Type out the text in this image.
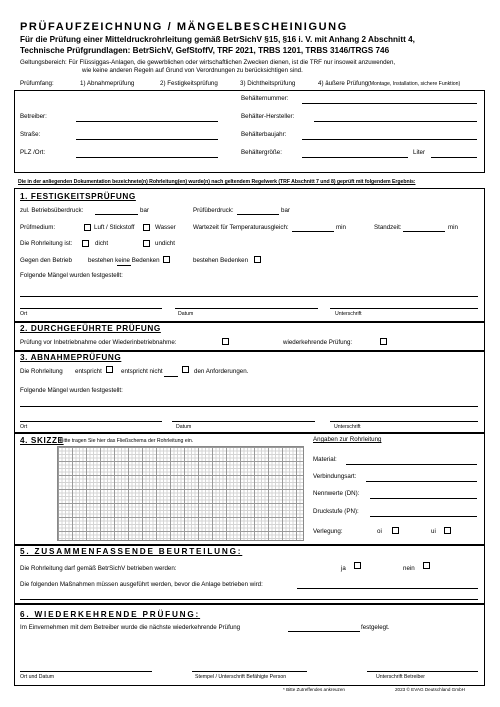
PRÜFAUFZEICHNUNG / MÄNGELBESCHEINIGUNG
Für die Prüfung einer Mitteldruckrohrleitung gemäß BetrSichV §15, §16 i. V. mit Anhang 2 Abschnitt 4,
Technische Prüfgrundlagen: BetrSichV, GefStoffV, TRF 2021, TRBS 1201, TRBS 3146/TRGS 746
Geltungsbereich: Für Flüssiggas-Anlagen, die gewerblichen oder wirtschaftlichen Zwecken dienen, ist die TRF nur insoweit anzuwenden,
wie keine anderen Regeln auf Grund von Verordnungen zu berücksichtigen sind.
Prüfumfang:	1) Abnahmeprüfung	2) Festigkeitsprüfung	3) Dichtheitsprüfung	4) äußere Prüfung (Montage, Installation, sichere Funktion)
Betreiber:
Straße:
PLZ /Ort:
Behälternummer:
Behälter-Hersteller:
Behälterbaujahr:
Behältergröße:	Liter
Die in der anliegenden Dokumentation bezeichnete(n) Rohrleitung(en) wurde(n) nach geltendem Regelwerk (TRF Abschnitt 7 und 8) geprüft mit folgendem Ergebnis:
1. FESTIGKEITSPRÜFUNG
zul. Betriebsüberdruck:	bar	Prüfüberdruck:	bar
Prüfmedium:	Luft / Stickstoff	Wasser	Wartezeit für Temperaturausgleich:	min	Standzeit:	min
Die Rohrleitung ist:	dicht	undicht
Gegen den Betrieb	bestehen keine Bedenken	bestehen Bedenken
Folgende Mängel wurden festgestellt:
Ort	Datum	Unterschrift
2. DURCHGEFÜHRTE PRÜFUNG
Prüfung vor Inbetriebnahme oder Wiederinbetriebnahme:	wiederkehrende Prüfung:
3. ABNAHMEPRÜFUNG
Die Rohrleitung entspricht	entspricht nicht	den Anforderungen.
Folgende Mängel wurden festgestellt:
Ort	Datum	Unterschrift
4. SKIZZE
Bitte tragen Sie hier das Fließschema der Rohrleitung ein.	Angaben zur Rohrleitung
Material:
Verbindungsart:
Nennwerte (DN):
Druckstufe (PN):
Verlegung:	oi	ui
5. ZUSAMMENFASSENDE BEURTEILUNG:
Die Rohrleitung darf gemäß BetrSichV betrieben werden:	ja	nein
Die folgenden Maßnahmen müssen ausgeführt werden, bevor die Anlage betrieben wird:
6. WIEDERKEHRENDE PRÜFUNG:
Im Einvernehmen mit dem Betreiber wurde die nächste wiederkehrende Prüfung	festgelegt.
Ort und Datum	Stempel / Unterschrift Befähigte Person	Unterschrift Betreiber
* Bitte Zutreffendes ankreuzen	2023 © EVAG Deutschland GmbH
